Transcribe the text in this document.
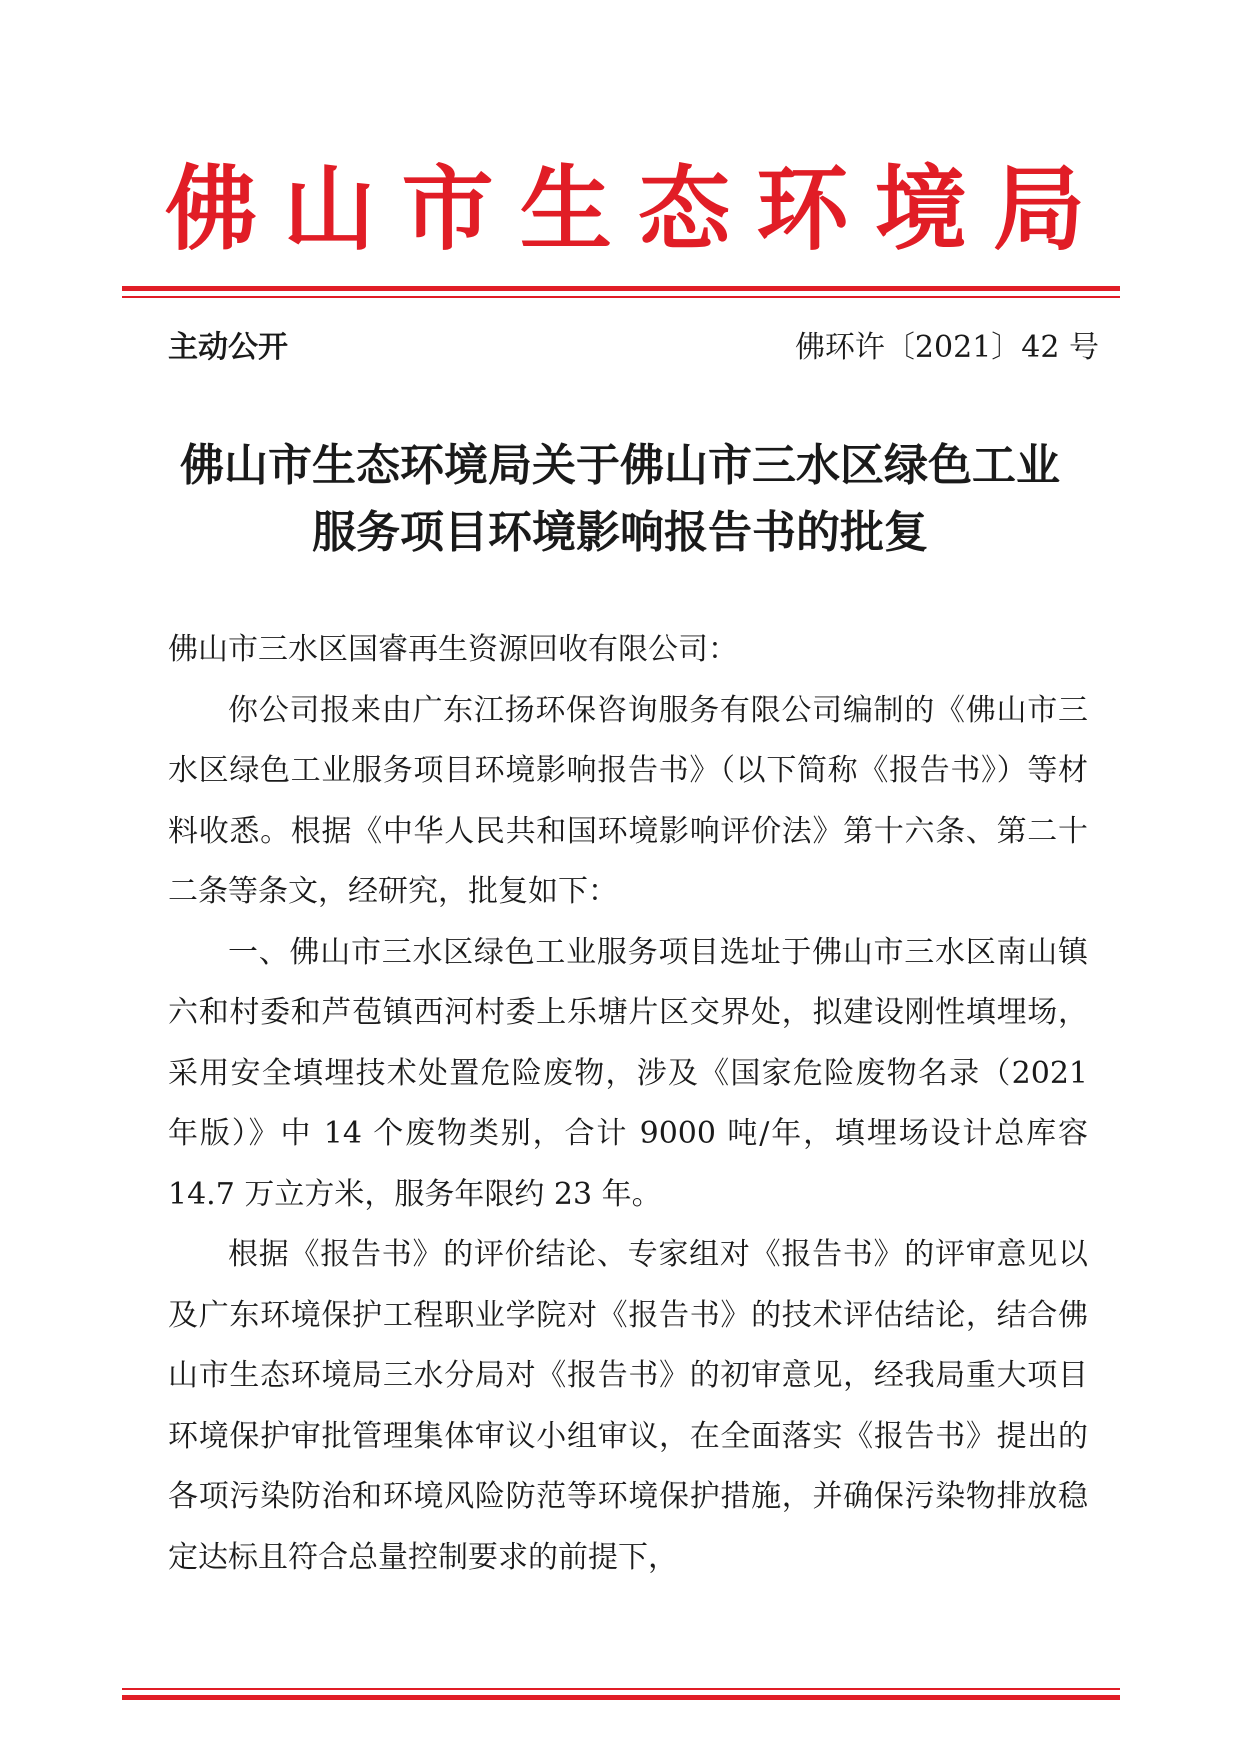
佛 山 市 生 态 环 境 局
主动公开	佛环许〔2021〕42 号
佛山市生态环境局关于佛山市三水区绿色工业
服务项目环境影响报告书的批复

佛山市三水区国睿再生资源回收有限公司：

你公司报来由广东江扬环保咨询服务有限公司编制的《佛山市三水区绿色工业服务项目环境影响报告书》（以下简称《报告书》）等材料收悉。根据《中华人民共和国环境影响评价法》第十六条、第二十二条等条文，经研究，批复如下：

一、佛山市三水区绿色工业服务项目选址于佛山市三水区南山镇六和村委和芦苞镇西河村委上乐塘片区交界处，拟建设刚性填埋场，采用安全填埋技术处置危险废物，涉及《国家危险废物名录（2021 年版）》中 14 个废物类别，合计 9000 吨/年，填埋场设计总库容 14.7 万立方米，服务年限约 23 年。

根据《报告书》的评价结论、专家组对《报告书》的评审意见以及广东环境保护工程职业学院对《报告书》的技术评估结论，结合佛山市生态环境局三水分局对《报告书》的初审意见，经我局重大项目环境保护审批管理集体审议小组审议，在全面落实《报告书》提出的各项污染防治和环境风险防范等环境保护措施，并确保污染物排放稳定达标且符合总量控制要求的前提下，
